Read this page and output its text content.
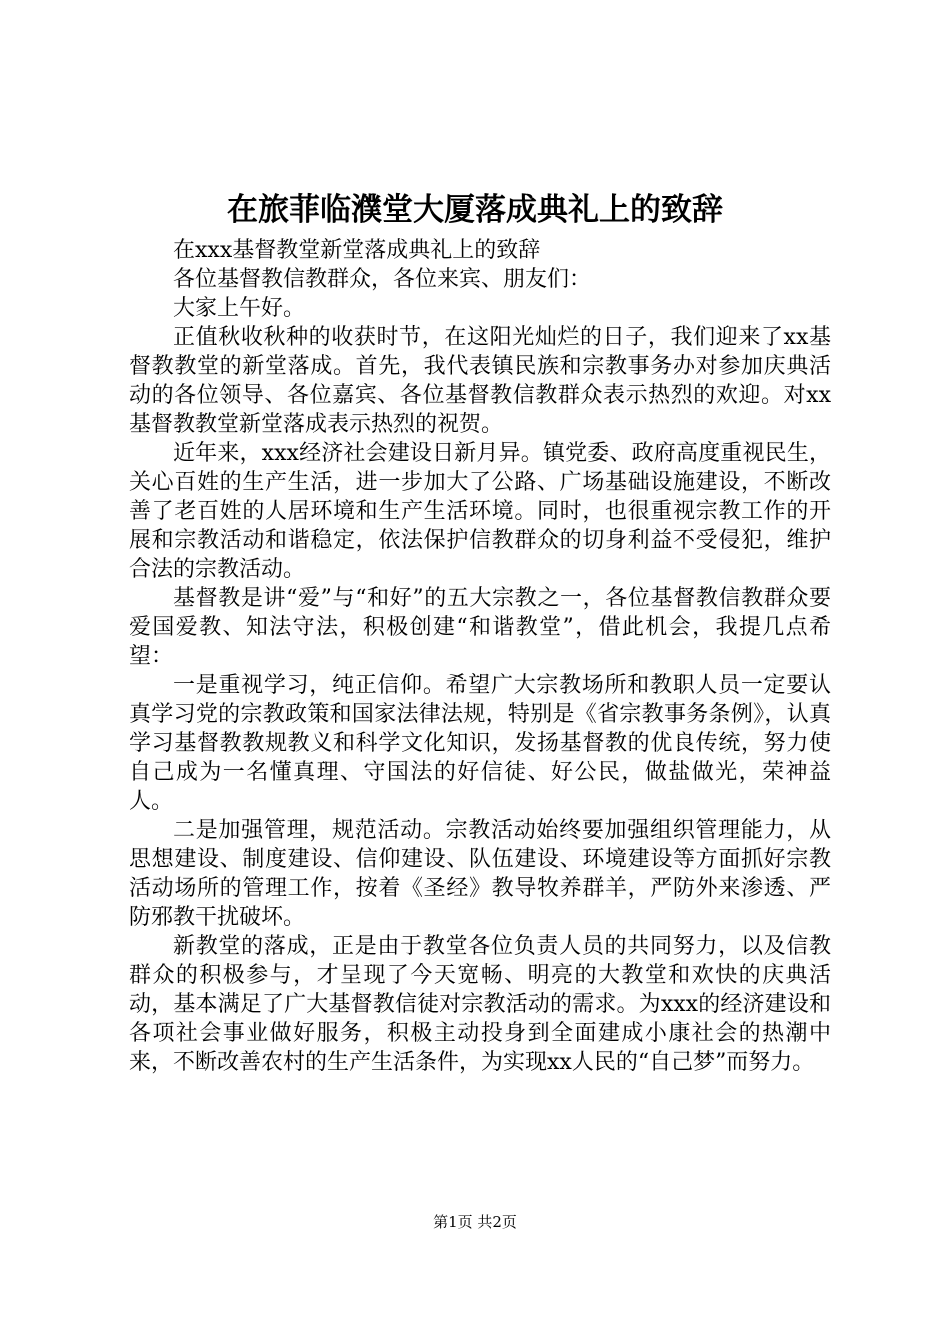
在旅菲临濮堂大厦落成典礼上的致辞

在xxx基督教堂新堂落成典礼上的致辞

各位基督教信教群众，各位来宾、朋友们：

大家上午好。

正值秋收秋种的收获时节，在这阳光灿烂的日子，我们迎来了xx基督教教堂的新堂落成。首先，我代表镇民族和宗教事务办对参加庆典活动的各位领导、各位嘉宾、各位基督教信教群众表示热烈的欢迎。对xx基督教教堂新堂落成表示热烈的祝贺。

近年来，xxx经济社会建设日新月异。镇党委、政府高度重视民生，关心百姓的生产生活，进一步加大了公路、广场基础设施建设，不断改善了老百姓的人居环境和生产生活环境。同时，也很重视宗教工作的开展和宗教活动和谐稳定，依法保护信教群众的切身利益不受侵犯，维护合法的宗教活动。

基督教是讲“爱”与“和好”的五大宗教之一，各位基督教信教群众要爱国爱教、知法守法，积极创建“和谐教堂”，借此机会，我提几点希望：

一是重视学习，纯正信仰。希望广大宗教场所和教职人员一定要认真学习党的宗教政策和国家法律法规，特别是《省宗教事务条例》，认真学习基督教教规教义和科学文化知识，发扬基督教的优良传统，努力使自己成为一名懂真理、守国法的好信徒、好公民，做盐做光，荣神益人。

二是加强管理，规范活动。宗教活动始终要加强组织管理能力，从思想建设、制度建设、信仰建设、队伍建设、环境建设等方面抓好宗教活动场所的管理工作，按着《圣经》教导牧养群羊，严防外来渗透、严防邪教干扰破坏。

新教堂的落成，正是由于教堂各位负责人员的共同努力，以及信教群众的积极参与，才呈现了今天宽畅、明亮的大教堂和欢快的庆典活动，基本满足了广大基督教信徒对宗教活动的需求。为xxx的经济建设和各项社会事业做好服务，积极主动投身到全面建成小康社会的热潮中来，不断改善农村的生产生活条件，为实现xx人民的“自己梦”而努力。

第1页 共2页
